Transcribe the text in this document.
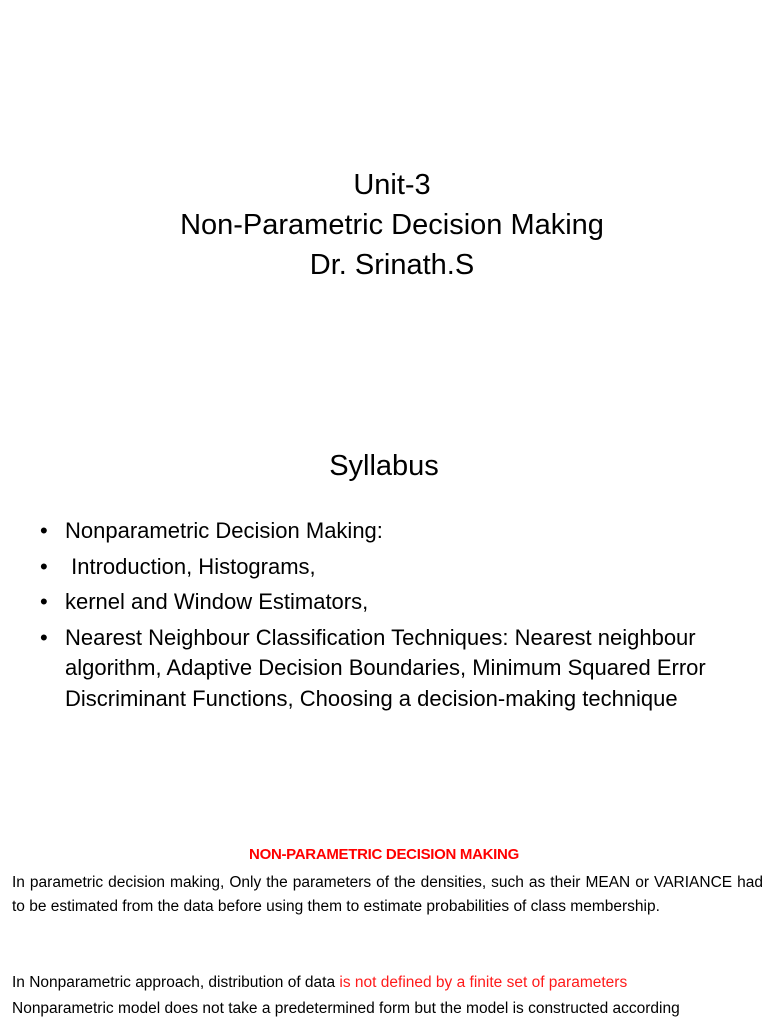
Unit-3
Non-Parametric Decision Making
Dr. Srinath.S
Syllabus
• Nonparametric Decision Making:
• Introduction, Histograms,
• kernel and Window Estimators,
• Nearest Neighbour Classification Techniques: Nearest neighbour algorithm, Adaptive Decision Boundaries, Minimum Squared Error Discriminant Functions, Choosing a decision-making technique
NON-PARAMETRIC DECISION MAKING
In parametric decision making, Only the parameters of the densities, such as their MEAN or VARIANCE had to be estimated from the data before using them to estimate probabilities of class membership.
In Nonparametric approach, distribution of data is not defined by a finite set of parameters
Nonparametric model does not take a predetermined form but the model is constructed according
